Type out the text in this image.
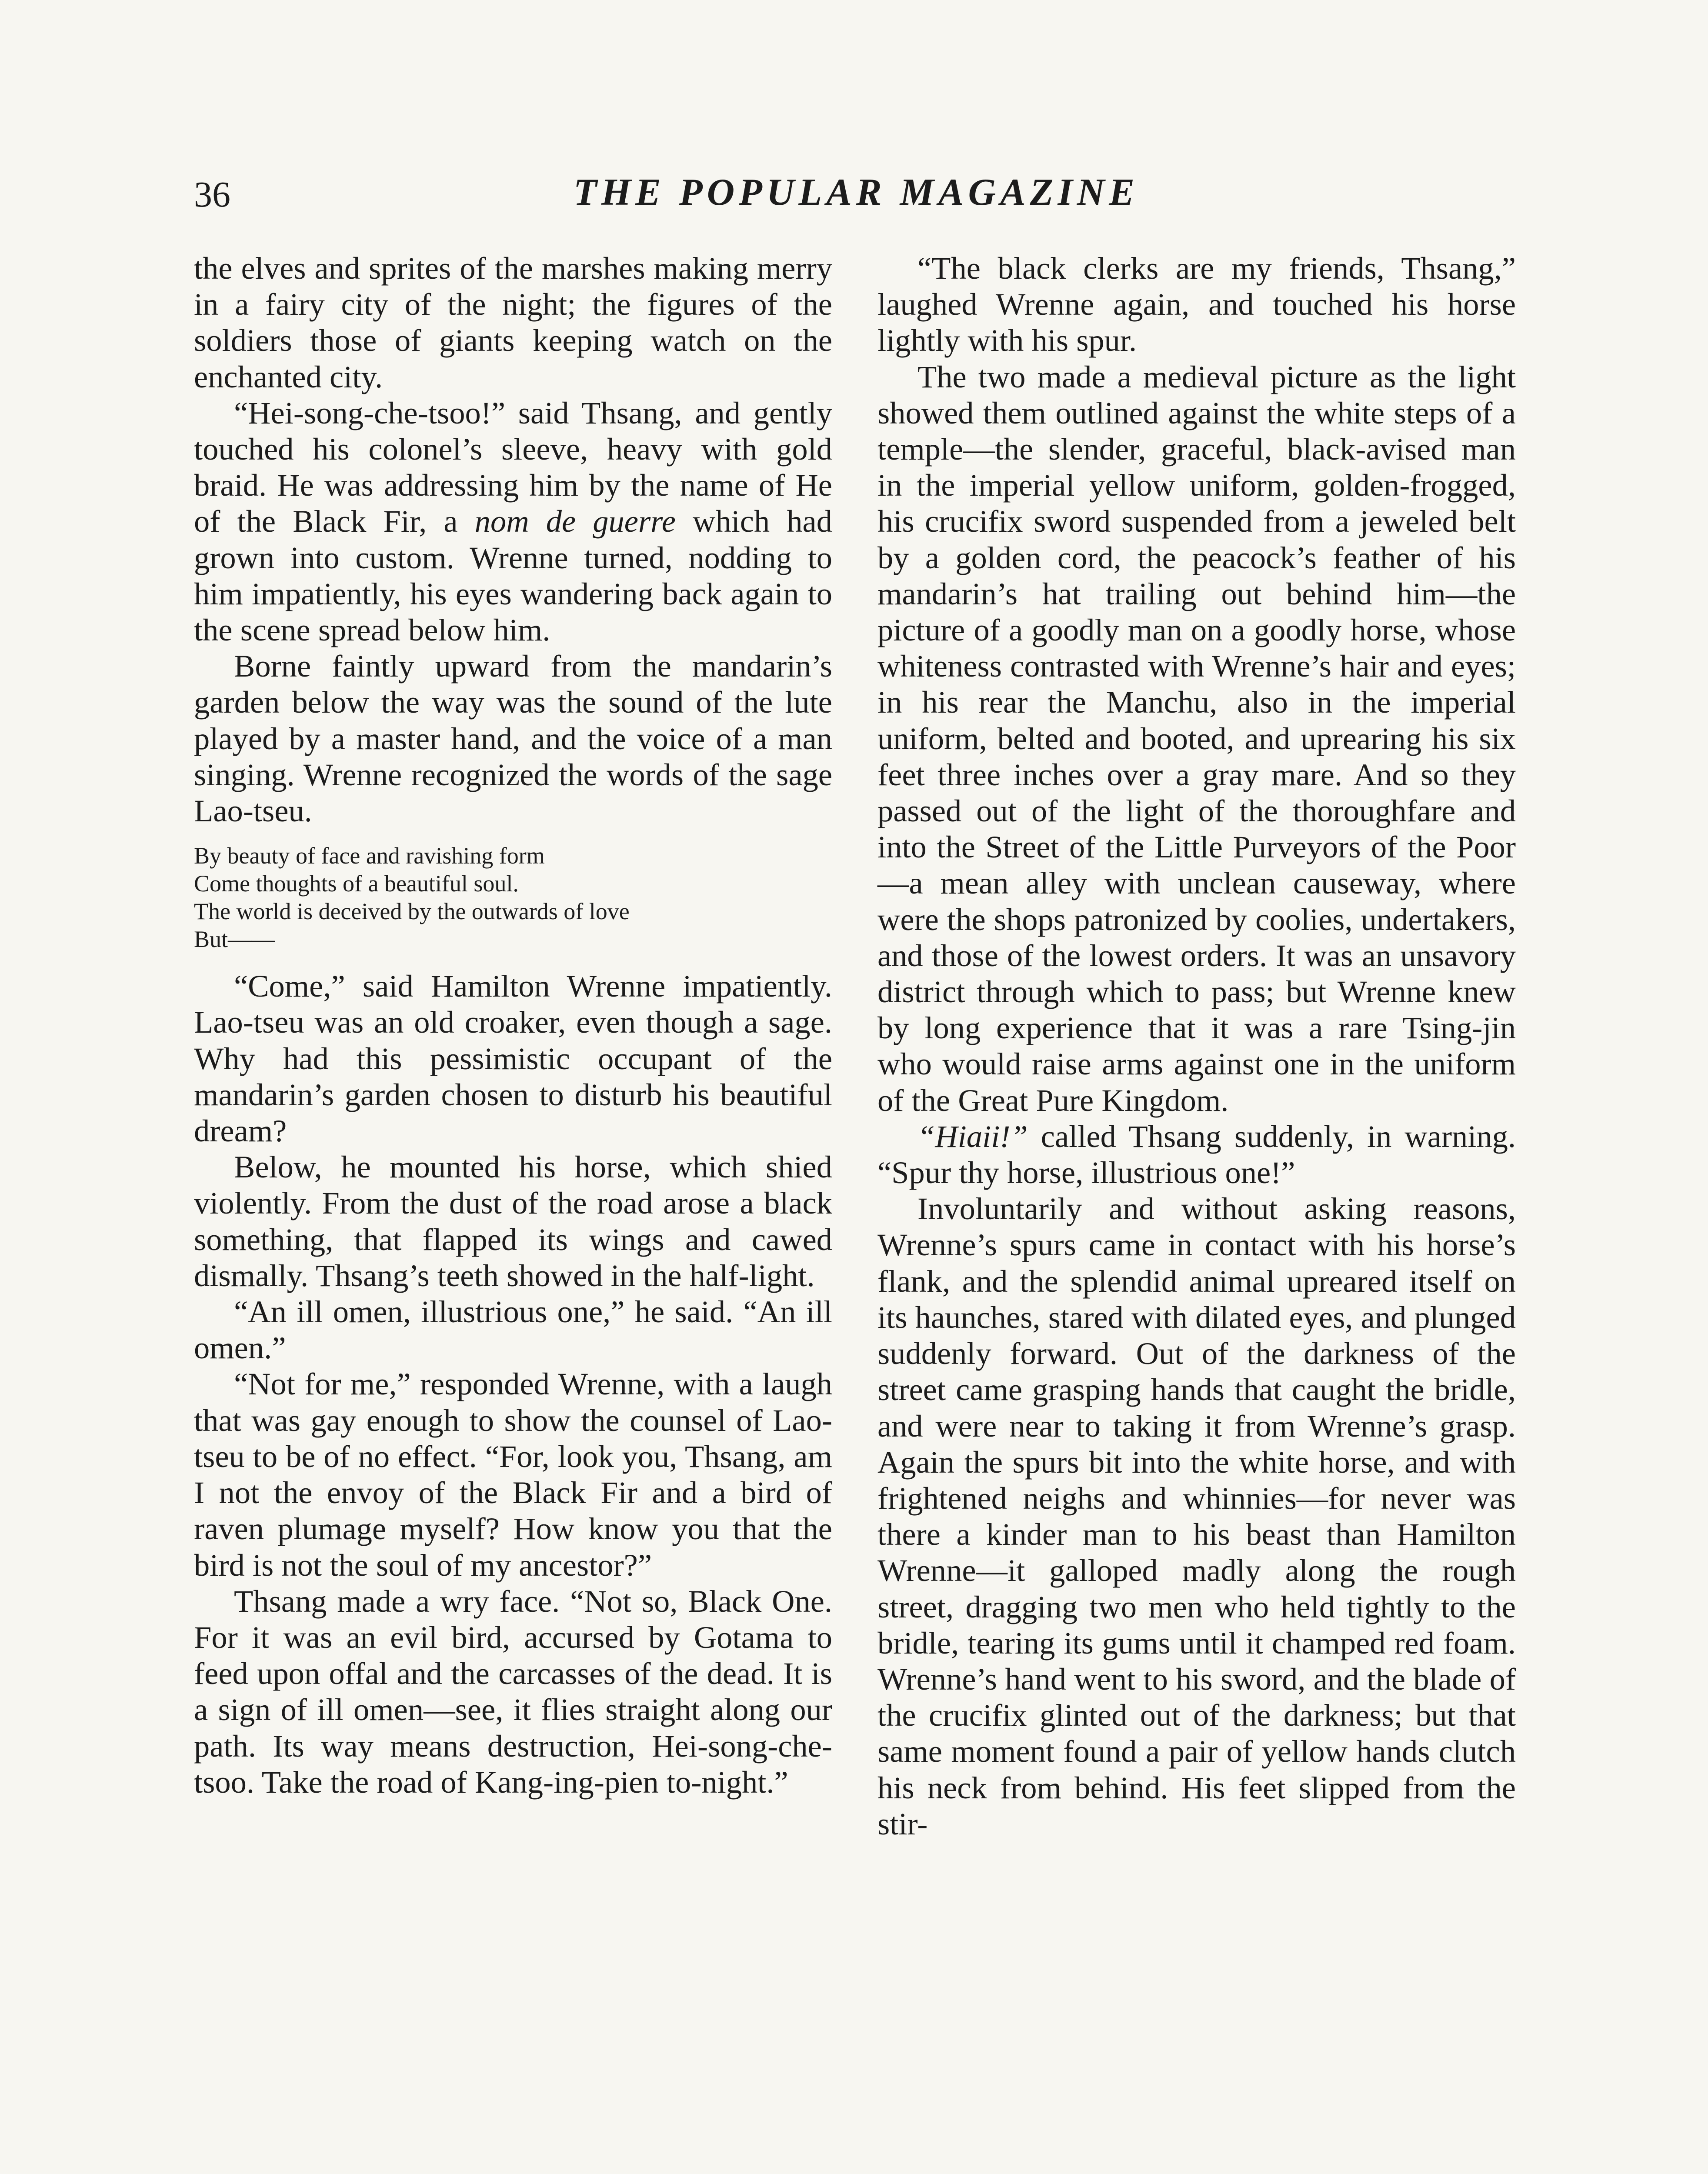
36	THE POPULAR MAGAZINE

the elves and sprites of the marshes making merry in a fairy city of the night; the figures of the soldiers those of giants keeping watch on the enchanted city.

“Hei-song-che-tsoo!” said Thsang, and gently touched his colonel’s sleeve, heavy with gold braid. He was addressing him by the name of He of the Black Fir, a nom de guerre which had grown into custom. Wrenne turned, nodding to him impatiently, his eyes wandering back again to the scene spread below him.

Borne faintly upward from the mandarin’s garden below the way was the sound of the lute played by a master hand, and the voice of a man singing. Wrenne recognized the words of the sage Lao-tseu.

By beauty of face and ravishing form
Come thoughts of a beautiful soul.
The world is deceived by the outwards of love
But——

“Come,” said Hamilton Wrenne impatiently. Lao-tseu was an old croaker, even though a sage. Why had this pessimistic occupant of the mandarin’s garden chosen to disturb his beautiful dream?

Below, he mounted his horse, which shied violently. From the dust of the road arose a black something, that flapped its wings and cawed dismally. Thsang’s teeth showed in the half-light.

“An ill omen, illustrious one,” he said. “An ill omen.”

“Not for me,” responded Wrenne, with a laugh that was gay enough to show the counsel of Lao-tseu to be of no effect. “For, look you, Thsang, am I not the envoy of the Black Fir and a bird of raven plumage myself? How know you that the bird is not the soul of my ancestor?”

Thsang made a wry face. “Not so, Black One. For it was an evil bird, accursed by Gotama to feed upon offal and the carcasses of the dead. It is a sign of ill omen—see, it flies straight along our path. Its way means destruction, Hei-song-che-tsoo. Take the road of Kang-ing-pien to-night.”

“The black clerks are my friends, Thsang,” laughed Wrenne again, and touched his horse lightly with his spur.

The two made a medieval picture as the light showed them outlined against the white steps of a temple—the slender, graceful, black-avised man in the imperial yellow uniform, golden-frogged, his crucifix sword suspended from a jeweled belt by a golden cord, the peacock’s feather of his mandarin’s hat trailing out behind him—the picture of a goodly man on a goodly horse, whose whiteness contrasted with Wrenne’s hair and eyes; in his rear the Manchu, also in the imperial uniform, belted and booted, and uprearing his six feet three inches over a gray mare. And so they passed out of the light of the thoroughfare and into the Street of the Little Purveyors of the Poor—a mean alley with unclean causeway, where were the shops patronized by coolies, undertakers, and those of the lowest orders. It was an unsavory district through which to pass; but Wrenne knew by long experience that it was a rare Tsing-jin who would raise arms against one in the uniform of the Great Pure Kingdom.

“Hiaii!” called Thsang suddenly, in warning. “Spur thy horse, illustrious one!”

Involuntarily and without asking reasons, Wrenne’s spurs came in contact with his horse’s flank, and the splendid animal upreared itself on its haunches, stared with dilated eyes, and plunged suddenly forward. Out of the darkness of the street came grasping hands that caught the bridle, and were near to taking it from Wrenne’s grasp. Again the spurs bit into the white horse, and with frightened neighs and whinnies—for never was there a kinder man to his beast than Hamilton Wrenne—it galloped madly along the rough street, dragging two men who held tightly to the bridle, tearing its gums until it champed red foam. Wrenne’s hand went to his sword, and the blade of the crucifix glinted out of the darkness; but that same moment found a pair of yellow hands clutch his neck from behind. His feet slipped from the stir-
